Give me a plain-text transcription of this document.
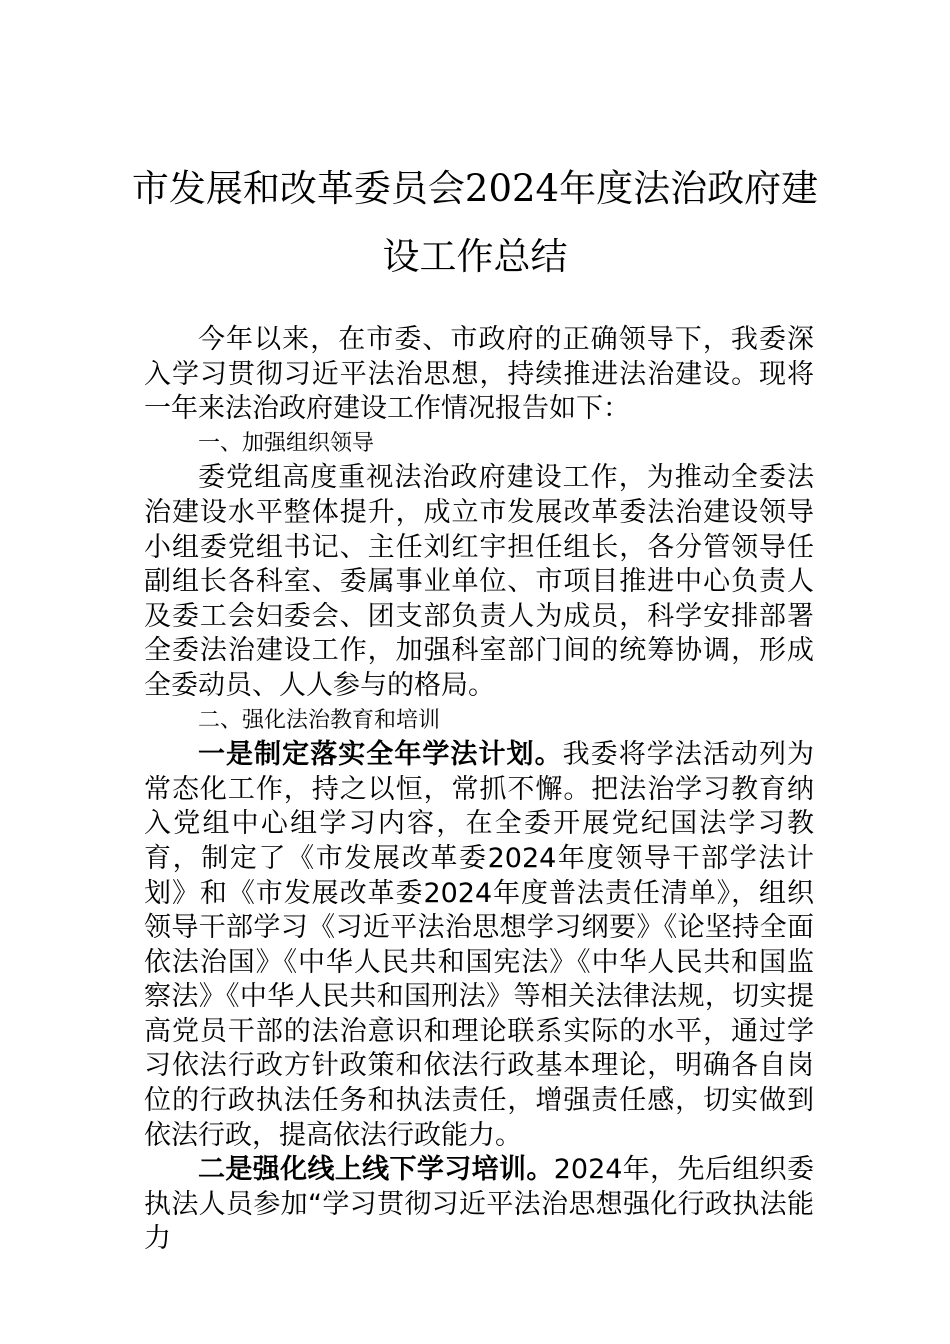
市发展和改革委员会2024年度法治政府建
设工作总结

今年以来，在市委、市政府的正确领导下，我委深入学习贯彻习近平法治思想，持续推进法治建设。现将一年来法治政府建设工作情况报告如下：

一、加强组织领导

委党组高度重视法治政府建设工作，为推动全委法治建设水平整体提升，成立市发展改革委法治建设领导小组委党组书记、主任刘红宇担任组长，各分管领导任副组长各科室、委属事业单位、市项目推进中心负责人及委工会妇委会、团支部负责人为成员，科学安排部署全委法治建设工作，加强科室部门间的统筹协调，形成全委动员、人人参与的格局。

二、强化法治教育和培训

一是制定落实全年学法计划。我委将学法活动列为常态化工作，持之以恒，常抓不懈。把法治学习教育纳入党组中心组学习内容，在全委开展党纪国法学习教育，制定了《市发展改革委2024年度领导干部学法计划》和《市发展改革委2024年度普法责任清单》，组织领导干部学习《习近平法治思想学习纲要》《论坚持全面依法治国》《中华人民共和国宪法》《中华人民共和国监察法》《中华人民共和国刑法》等相关法律法规，切实提高党员干部的法治意识和理论联系实际的水平，通过学习依法行政方针政策和依法行政基本理论，明确各自岗位的行政执法任务和执法责任，增强责任感，切实做到依法行政，提高依法行政能力。

二是强化线上线下学习培训。2024年，先后组织委执法人员参加“学习贯彻习近平法治思想强化行政执法能力
